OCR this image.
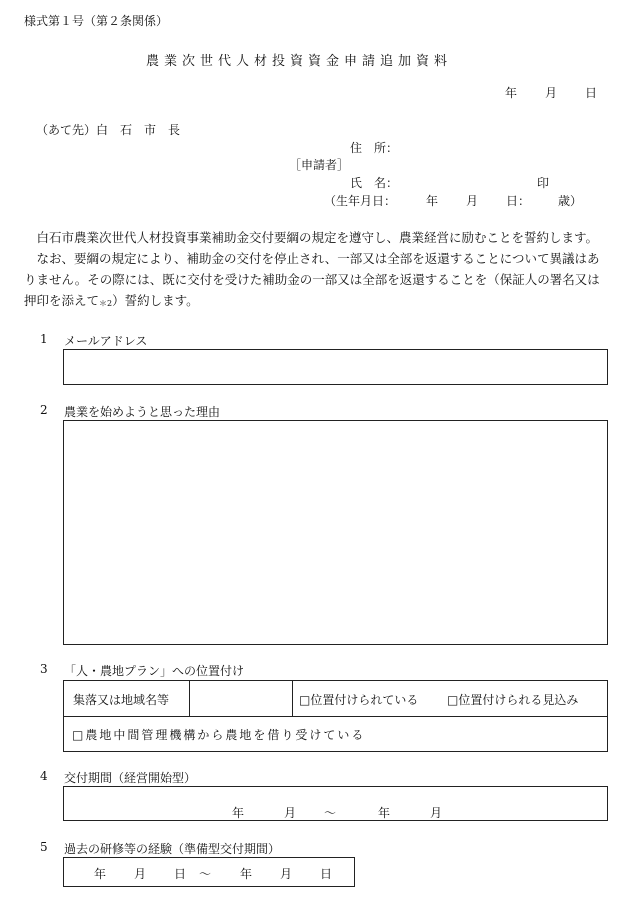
様式第１号（第２条関係）
農業次世代人材投資資金申請追加資料
年 月 日
（あて先）白　石　市　長
住　所：
［申請者］
氏　名：	印
（生年月日： 年 月 日： 歳）

白石市農業次世代人材投資事業補助金交付要綱の規定を遵守し、農業経営に励むことを誓約します。

なお、要綱の規定により、補助金の交付を停止され、一部又は全部を返還することについて異議はありません。その際には、既に交付を受けた補助金の一部又は全部を返還することを（保証人の署名又は押印を添えて$_{*2}$）誓約します。

1 メールアドレス
2 農業を始めようと思った理由
3 「人・農地プラン」への位置付け
集落又は地域名等	□位置付けられている □位置付けられる見込み
□農地中間管理機構から農地を借り受けている
4 交付期間（経営開始型）
年	月 ～	年	月
5 過去の研修等の経験（準備型交付期間）
年 月 日 ～ 年 月 日
